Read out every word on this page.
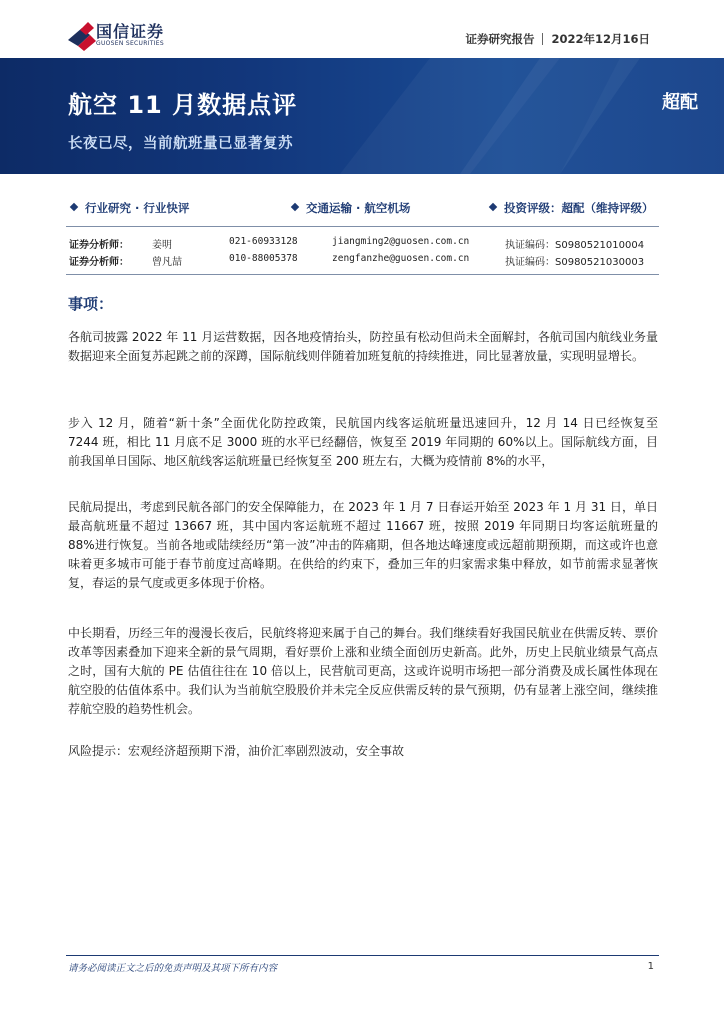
国信证券
GUOSEN SECURITIES	证券研究报告 2022年12月16日
航空 11 月数据点评
长夜已尽，当前航班量已显著复苏
超配
行业研究 · 行业快评	交通运输 · 航空机场	投资评级：超配（维持评级）
证券分析师： 姜明	021-60933128	jiangming2@guosen.com.cn	执证编码：S0980521010004
证券分析师： 曾凡喆	010-88005378	zengfanzhe@guosen.com.cn	执证编码：S0980521030003
事项：
各航司披露 2022 年 11 月运营数据，因各地疫情抬头，防控虽有松动但尚未全面解封，各航司国内航线业务量数据迎来全面复苏起跳之前的深蹲，国际航线则伴随着加班复航的持续推进，同比显著放量，实现明显增长。
步入 12 月，随着“新十条”全面优化防控政策，民航国内线客运航班量迅速回升，12 月 14 日已经恢复至 7244 班，相比 11 月底不足 3000 班的水平已经翻倍，恢复至 2019 年同期的 60%以上。国际航线方面，目前我国单日国际、地区航线客运航班量已经恢复至 200 班左右，大概为疫情前 8%的水平，
民航局提出，考虑到民航各部门的安全保障能力，在 2023 年 1 月 7 日春运开始至 2023 年 1 月 31 日，单日最高航班量不超过 13667 班，其中国内客运航班不超过 11667 班，按照 2019 年同期日均客运航班量的 88%进行恢复。当前各地或陆续经历“第一波”冲击的阵痛期，但各地达峰速度或远超前期预期，而这或许也意味着更多城市可能于春节前度过高峰期。在供给的约束下，叠加三年的归家需求集中释放，如节前需求显著恢复，春运的景气度或更多体现于价格。
中长期看，历经三年的漫漫长夜后，民航终将迎来属于自己的舞台。我们继续看好我国民航业在供需反转、票价改革等因素叠加下迎来全新的景气周期，看好票价上涨和业绩全面创历史新高。此外，历史上民航业绩景气高点之时，国有大航的 PE 估值往往在 10 倍以上，民营航司更高，这或许说明市场把一部分消费及成长属性体现在航空股的估值体系中。我们认为当前航空股股价并未完全反应供需反转的景气预期，仍有显著上涨空间，继续推荐航空股的趋势性机会。
风险提示：宏观经济超预期下滑，油价汇率剧烈波动，安全事故
请务必阅读正文之后的免责声明及其项下所有内容	1
